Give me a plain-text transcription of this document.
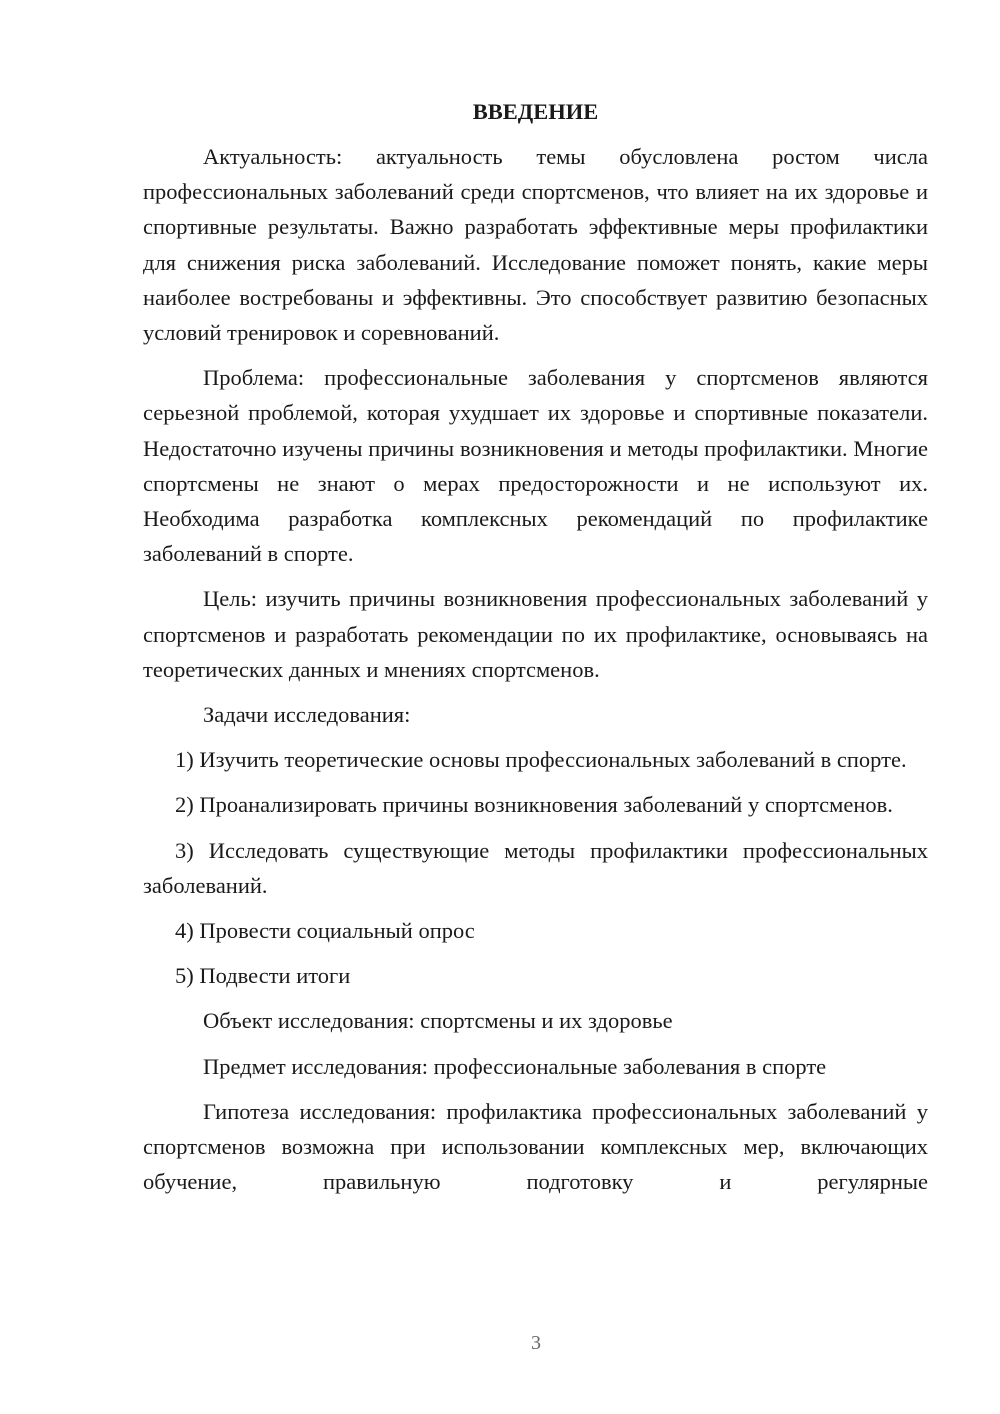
ВВЕДЕНИЕ

Актуальность: актуальность темы обусловлена ростом числа профессиональных заболеваний среди спортсменов, что влияет на их здоровье и спортивные результаты. Важно разработать эффективные меры профилактики для снижения риска заболеваний. Исследование поможет понять, какие меры наиболее востребованы и эффективны. Это способствует развитию безопасных условий тренировок и соревнований.

Проблема: профессиональные заболевания у спортсменов являются серьезной проблемой, которая ухудшает их здоровье и спортивные показатели. Недостаточно изучены причины возникновения и методы профилактики. Многие спортсмены не знают о мерах предосторожности и не используют их. Необходима разработка комплексных рекомендаций по профилактике заболеваний в спорте.

Цель: изучить причины возникновения профессиональных заболеваний у спортсменов и разработать рекомендации по их профилактике, основываясь на теоретических данных и мнениях спортсменов.

Задачи исследования:

1) Изучить теоретические основы профессиональных заболеваний в спорте.

2) Проанализировать причины возникновения заболеваний у спортсменов.

3) Исследовать существующие методы профилактики профессиональных заболеваний.

4) Провести социальный опрос

5) Подвести итоги

Объект исследования: спортсмены и их здоровье

Предмет исследования: профессиональные заболевания в спорте

Гипотеза исследования: профилактика профессиональных заболеваний у спортсменов возможна при использовании комплексных мер, включающих обучение, правильную подготовку и регулярные

3
